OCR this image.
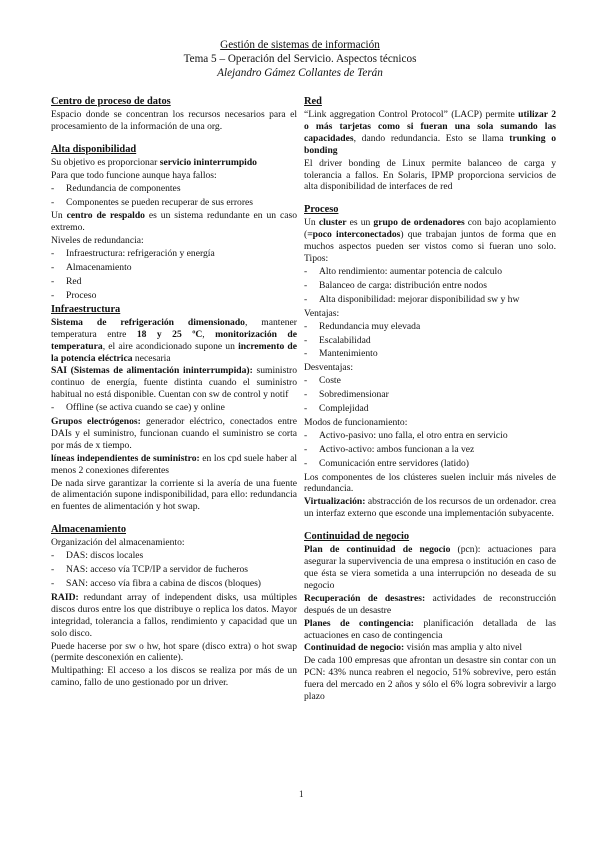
Gestión de sistemas de información
Tema 5 – Operación del Servicio. Aspectos técnicos
Alejandro Gámez Collantes de Terán
Centro de proceso de datos

Espacio donde se concentran los recursos necesarios para el procesamiento de la información de una org.

Alta disponibilidad

Su objetivo es proporcionar servicio ininterrumpido

Para que todo funcione aunque haya fallos:

- Redundancia de componentes
- Componentes se pueden recuperar de sus errores

Un centro de respaldo es un sistema redundante en un caso extremo.

Niveles de redundancia:

- Infraestructura: refrigeración y energía
- Almacenamiento
- Red
- Proceso
Infraestructura

Sistema de refrigeración dimensionado, mantener temperatura entre 18 y 25 ºC, monitorización de temperatura, el aire acondicionado supone un incremento de la potencia eléctrica necesaria

SAI (Sistemas de alimentación ininterrumpida): suministro continuo de energía, fuente distinta cuando el suministro habitual no está disponible. Cuentan con sw de control y notif

- Offline (se activa cuando se cae) y online

Grupos electrógenos: generador eléctrico, conectados entre DAIs y el suministro, funcionan cuando el suministro se corta por más de x tiempo.

líneas independientes de suministro: en los cpd suele haber al menos 2 conexiones diferentes

De nada sirve garantizar la corriente si la avería de una fuente de alimentación supone indisponibilidad, para ello: redundancia en fuentes de alimentación y hot swap.

Almacenamiento

Organización del almacenamiento:

- DAS: discos locales
- NAS: acceso vía TCP/IP a servidor de fucheros
- SAN: acceso vía fibra a cabina de discos (bloques)

RAID: redundant array of independent disks, usa múltiples discos duros entre los que distribuye o replica los datos. Mayor integridad, tolerancia a fallos, rendimiento y capacidad que un solo disco.

Puede hacerse por sw o hw, hot spare (disco extra) o hot swap (permite desconexión en caliente).

Multipathing: El acceso a los discos se realiza por más de un camino, fallo de uno gestionado por un driver.

Red

“Link aggregation Control Protocol” (LACP) permite utilizar 2 o más tarjetas como si fueran una sola sumando las capacidades, dando redundancia. Esto se llama trunking o bonding

El driver bonding de Linux permite balanceo de carga y tolerancia a fallos. En Solaris, IPMP proporciona servicios de alta disponibilidad de interfaces de red

Proceso

Un cluster es un grupo de ordenadores con bajo acoplamiento (=poco interconectados) que trabajan juntos de forma que en muchos aspectos pueden ser vistos como si fueran uno solo. Tipos:

- Alto rendimiento: aumentar potencia de calculo
- Balanceo de carga: distribución entre nodos
- Alta disponibilidad: mejorar disponibilidad sw y hw

Ventajas:

- Redundancia muy elevada
- Escalabilidad
- Mantenimiento

Desventajas:

- Coste
- Sobredimensionar
- Complejidad

Modos de funcionamiento:

- Activo-pasivo: uno falla, el otro entra en servicio
- Activo-activo: ambos funcionan a la vez
- Comunicación entre servidores (latido)

Los componentes de los clústeres suelen incluir más niveles de redundancia.

Virtualización: abstracción de los recursos de un ordenador. crea un interfaz externo que esconde una implementación subyacente.

Continuidad de negocio

Plan de continuidad de negocio (pcn): actuaciones para asegurar la supervivencia de una empresa o institución en caso de que ésta se viera sometida a una interrupción no deseada de su negocio

Recuperación de desastres: actividades de reconstrucción después de un desastre

Planes de contingencia: planificación detallada de las actuaciones en caso de contingencia

Continuidad de negocio: visión mas amplia y alto nivel

De cada 100 empresas que afrontan un desastre sin contar con un PCN: 43% nunca reabren el negocio, 51% sobrevive, pero están fuera del mercado en 2 años y sólo el 6% logra sobrevivir a largo plazo

1
